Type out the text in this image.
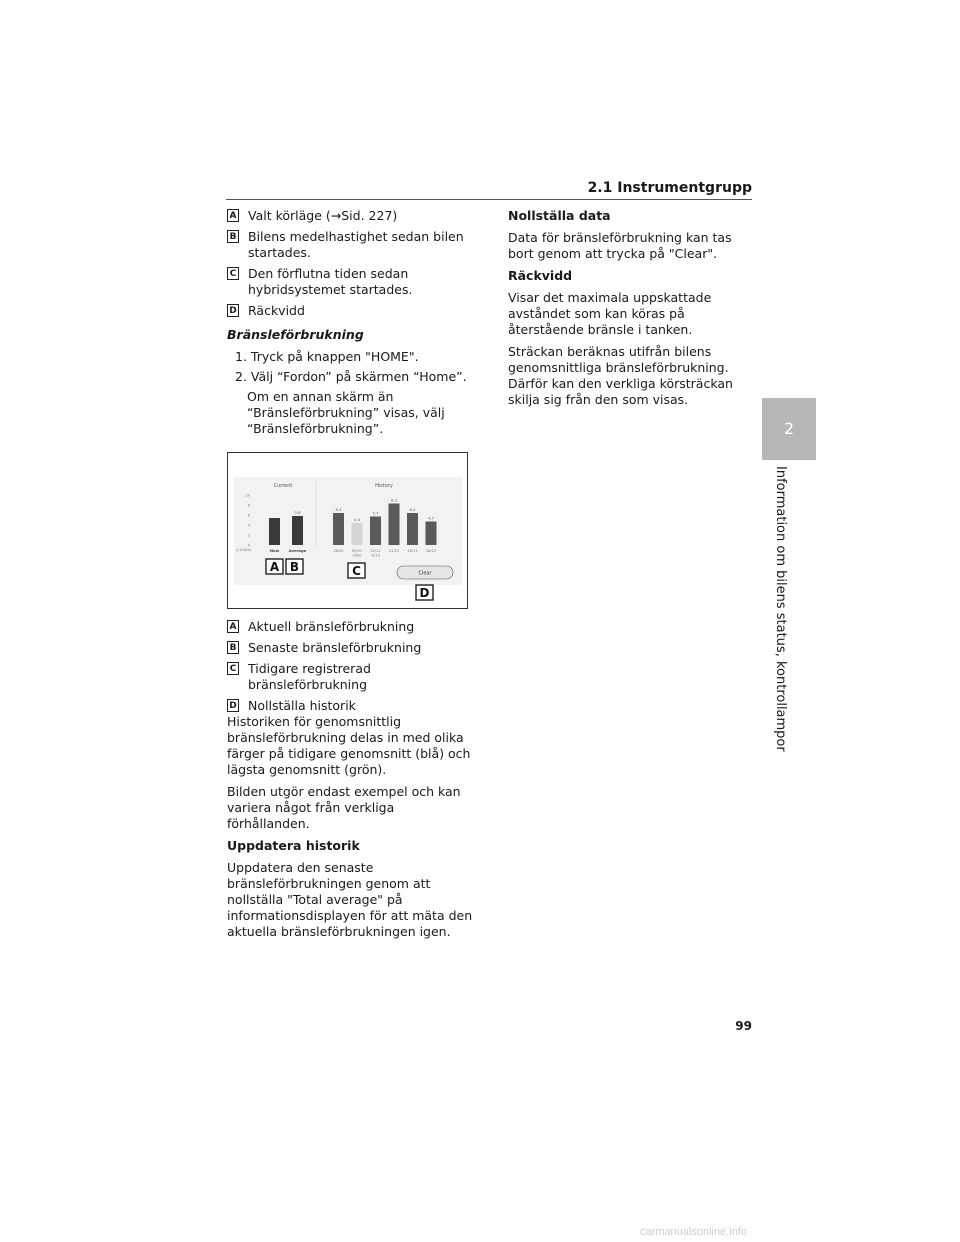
2.1 Instrumentgrupp
2
Information om bilens status, kontrollampor
A Valt körläge (→Sid. 227)
B Bilens medelhastighet sedan bilen startades.
C Den förflutna tiden sedan hybridsystemet startades.
D Räckvidd
Bränsleförbrukning
1. Tryck på knappen "HOME".
2. Välj “Fordon” på skärmen “Home”.
Om en annan skärm än “Bränsleförbrukning” visas, välj “Bränsleförbrukning”.
Current	History
10
8
6
4
2
0
L/100km
5,8
Now	Average
6,4
26/01
4,4
09/01
2020
5,7
22/12
2019
8,3
01/12
6,4
16/11
4,7
26/10
Clear
A B	C
D
A Aktuell bränsleförbrukning
B Senaste bränsleförbrukning
C Tidigare registrerad bränsleförbrukning
D Nollställa historik

Historiken för genomsnittlig bränsleförbrukning delas in med olika färger på tidigare genomsnitt (blå) och lägsta genomsnitt (grön).

Bilden utgör endast exempel och kan variera något från verkliga förhållanden.

Uppdatera historik

Uppdatera den senaste bränsleförbrukningen genom att nollställa "Total average" på informationsdisplayen för att mäta den aktuella bränsleförbrukningen igen.

Nollställa data

Data för bränsleförbrukning kan tas bort genom att trycka på "Clear".

Räckvidd

Visar det maximala uppskattade avståndet som kan köras på återstående bränsle i tanken.

Sträckan beräknas utifrån bilens genomsnittliga bränsleförbrukning. Därför kan den verkliga körsträckan skilja sig från den som visas.

99
carmanualsonline.info
